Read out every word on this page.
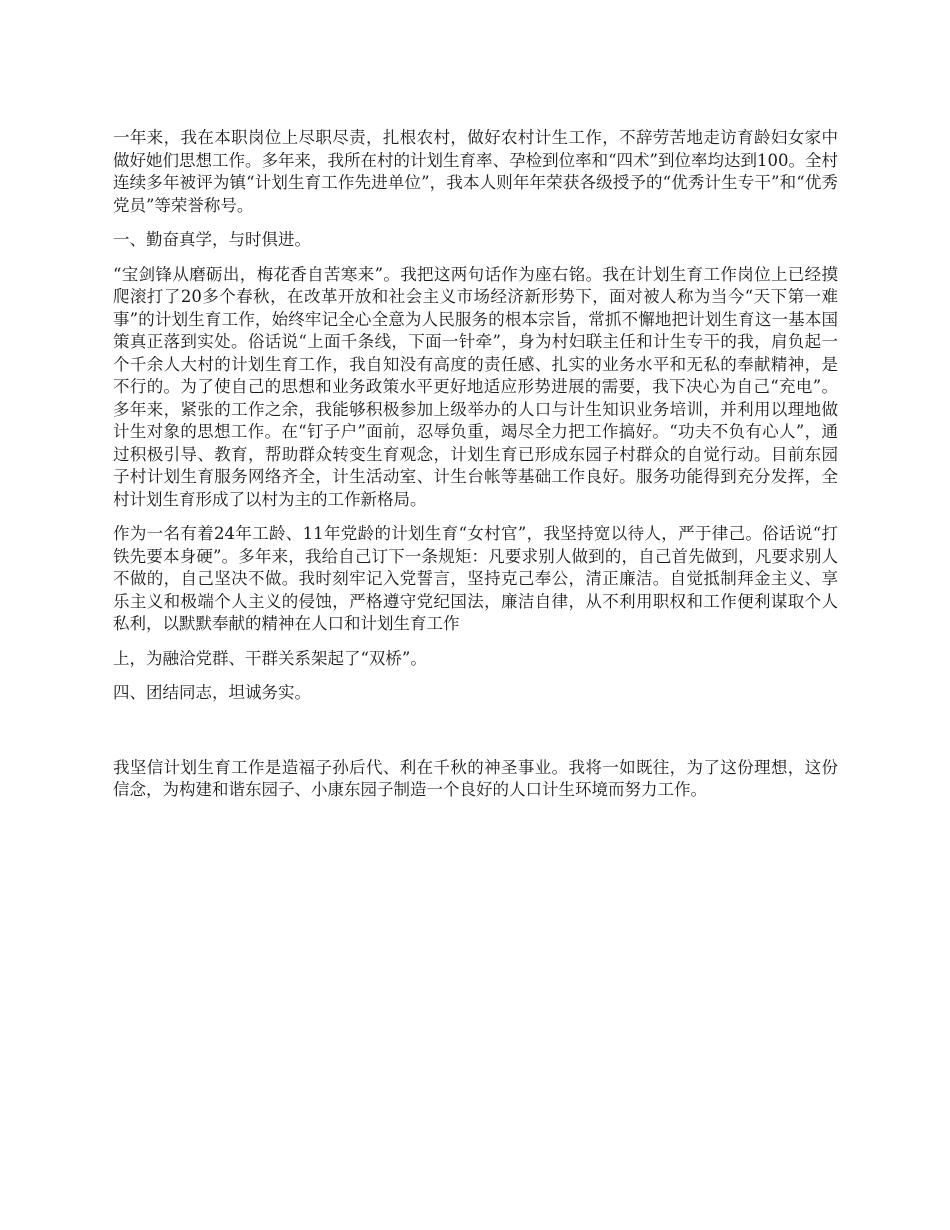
一年来，我在本职岗位上尽职尽责，扎根农村，做好农村计生工作，不辞劳苦地走访育龄妇女家中做好她们思想工作。多年来，我所在村的计划生育率、孕检到位率和“四术”到位率均达到100。全村连续多年被评为镇“计划生育工作先进单位”，我本人则年年荣获各级授予的“优秀计生专干”和“优秀党员”等荣誉称号。

一、勤奋真学，与时俱进。

“宝剑锋从磨砺出，梅花香自苦寒来”。我把这两句话作为座右铭。我在计划生育工作岗位上已经摸爬滚打了20多个春秋，在改革开放和社会主义市场经济新形势下，面对被人称为当今“天下第一难事”的计划生育工作，始终牢记全心全意为人民服务的根本宗旨，常抓不懈地把计划生育这一基本国策真正落到实处。俗话说“上面千条线，下面一针牵”，身为村妇联主任和计生专干的我，肩负起一个千余人大村的计划生育工作，我自知没有高度的责任感、扎实的业务水平和无私的奉献精神，是不行的。为了使自己的思想和业务政策水平更好地适应形势进展的需要，我下决心为自己“充电”。多年来，紧张的工作之余，我能够积极参加上级举办的人口与计生知识业务培训，并利用以理地做计生对象的思想工作。在“钉子户”面前，忍辱负重，竭尽全力把工作搞好。“功夫不负有心人”，通过积极引导、教育，帮助群众转变生育观念，计划生育已形成东园子村群众的自觉行动。目前东园子村计划生育服务网络齐全，计生活动室、计生台帐等基础工作良好。服务功能得到充分发挥，全村计划生育形成了以村为主的工作新格局。

作为一名有着24年工龄、11年党龄的计划生育“女村官”，我坚持宽以待人，严于律己。俗话说“打铁先要本身硬”。多年来，我给自己订下一条规矩：凡要求别人做到的，自己首先做到，凡要求别人不做的，自己坚决不做。我时刻牢记入党誓言，坚持克己奉公，清正廉洁。自觉抵制拜金主义、享乐主义和极端个人主义的侵蚀，严格遵守党纪国法，廉洁自律，从不利用职权和工作便利谋取个人私利，以默默奉献的精神在人口和计划生育工作

上，为融洽党群、干群关系架起了“双桥”。

四、团结同志，坦诚务实。

我坚信计划生育工作是造福子孙后代、利在千秋的神圣事业。我将一如既往，为了这份理想，这份信念，为构建和谐东园子、小康东园子制造一个良好的人口计生环境而努力工作。
